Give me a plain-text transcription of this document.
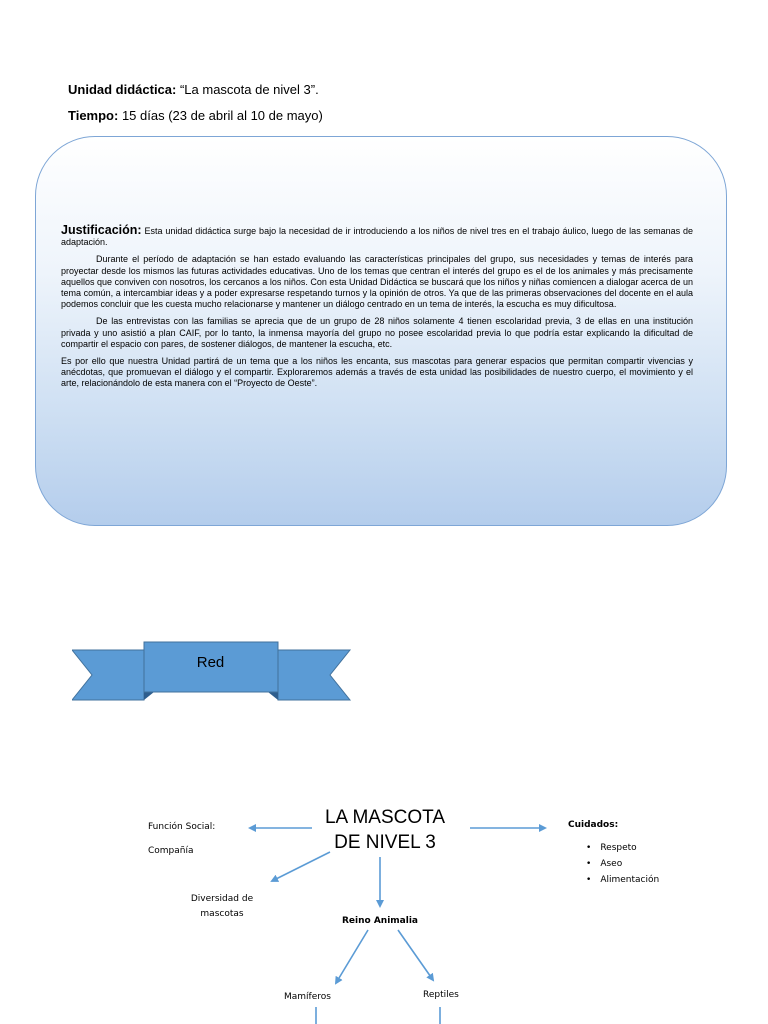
Unidad didáctica: “La mascota de nivel 3”.
Tiempo: 15 días (23 de abril al 10 de mayo)

Justificación: Esta unidad didáctica surge bajo la necesidad de ir introduciendo a los niños de nivel tres en el trabajo áulico, luego de las semanas de adaptación.

Durante el período de adaptación se han estado evaluando las características principales del grupo, sus necesidades y temas de interés para proyectar desde los mismos las futuras actividades educativas. Uno de los temas que centran el interés del grupo es el de los animales y más precisamente aquellos que conviven con nosotros, los cercanos a los niños. Con esta Unidad Didáctica se buscará que los niños y niñas comiencen a dialogar acerca de un tema común, a intercambiar ideas y a poder expresarse respetando turnos y la opinión de otros. Ya que de las primeras observaciones del docente en el aula podemos concluir que les cuesta mucho relacionarse y mantener un diálogo centrado en un tema de interés, la escucha es muy dificultosa.

De las entrevistas con las familias se aprecia que de un grupo de 28 niños solamente 4 tienen escolaridad previa, 3 de ellas en una institución privada y uno asistió a plan CAIF, por lo tanto, la inmensa mayoría del grupo no posee escolaridad previa lo que podría estar explicando la dificultad de compartir el espacio con pares, de sostener diálogos, de mantener la escucha, etc.

Es por ello que nuestra Unidad partirá de un tema que a los niños les encanta, sus mascotas para generar espacios que permitan compartir vivencias y anécdotas, que promuevan el diálogo y el compartir. Exploraremos además a través de esta unidad las posibilidades de nuestro cuerpo, el movimiento y el arte, relacionándolo de esta manera con el “Proyecto de Oeste”.

Red
LA MASCOTA
DE NIVEL 3
Función Social:
Compañía
Diversidad de
mascotas
Reino Animalia
Mamíferos	Reptiles
Cuidados:
• Respeto
• Aseo
• Alimentación
